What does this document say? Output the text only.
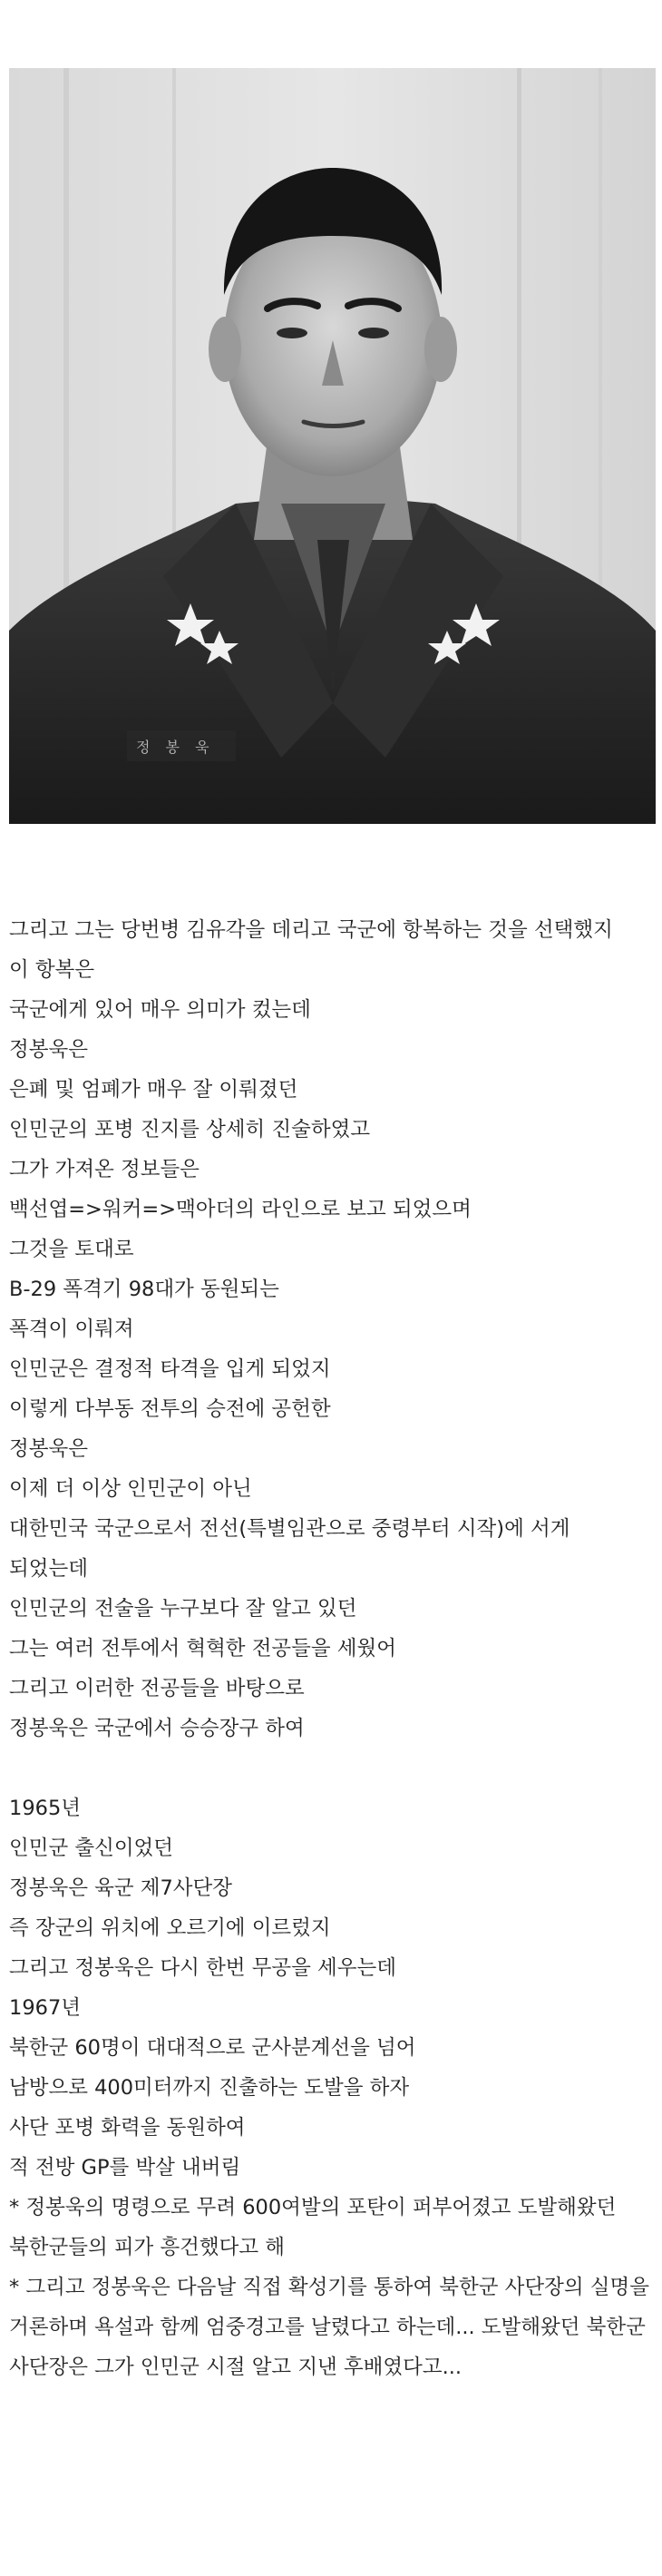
정 봉 욱
그리고 그는 당번병 김유각을 데리고 국군에 항복하는 것을 선택했지
이 항복은
국군에게 있어 매우 의미가 컸는데
정봉욱은
은폐 및 엄폐가 매우 잘 이뤄졌던
인민군의 포병 진지를 상세히 진술하였고
그가 가져온 정보들은
백선엽=>워커=>맥아더의 라인으로 보고 되었으며
그것을 토대로
B-29 폭격기 98대가 동원되는
폭격이 이뤄져
인민군은 결정적 타격을 입게 되었지
이렇게 다부동 전투의 승전에 공헌한
정봉욱은
이제 더 이상 인민군이 아닌
대한민국 국군으로서 전선(특별임관으로 중령부터 시작)에 서게 되었는데
인민군의 전술을 누구보다 잘 알고 있던
그는 여러 전투에서 혁혁한 전공들을 세웠어
그리고 이러한 전공들을 바탕으로
정봉욱은 국군에서 승승장구 하여
1965년
인민군 출신이었던
정봉욱은 육군 제7사단장
즉 장군의 위치에 오르기에 이르렀지
그리고 정봉욱은 다시 한번 무공을 세우는데
1967년
북한군 60명이 대대적으로 군사분계선을 넘어
남방으로 400미터까지 진출하는 도발을 하자
사단 포병 화력을 동원하여
적 전방 GP를 박살 내버림
* 정봉욱의 명령으로 무려 600여발의 포탄이 퍼부어졌고 도발해왔던 북한군들의 피가 흥건했다고 해
* 그리고 정봉욱은 다음날 직접 확성기를 통하여 북한군 사단장의 실명을 거론하며 욕설과 함께 엄중경고를 날렸다고 하는데... 도발해왔던 북한군 사단장은 그가 인민군 시절 알고 지낸 후배였다고...
